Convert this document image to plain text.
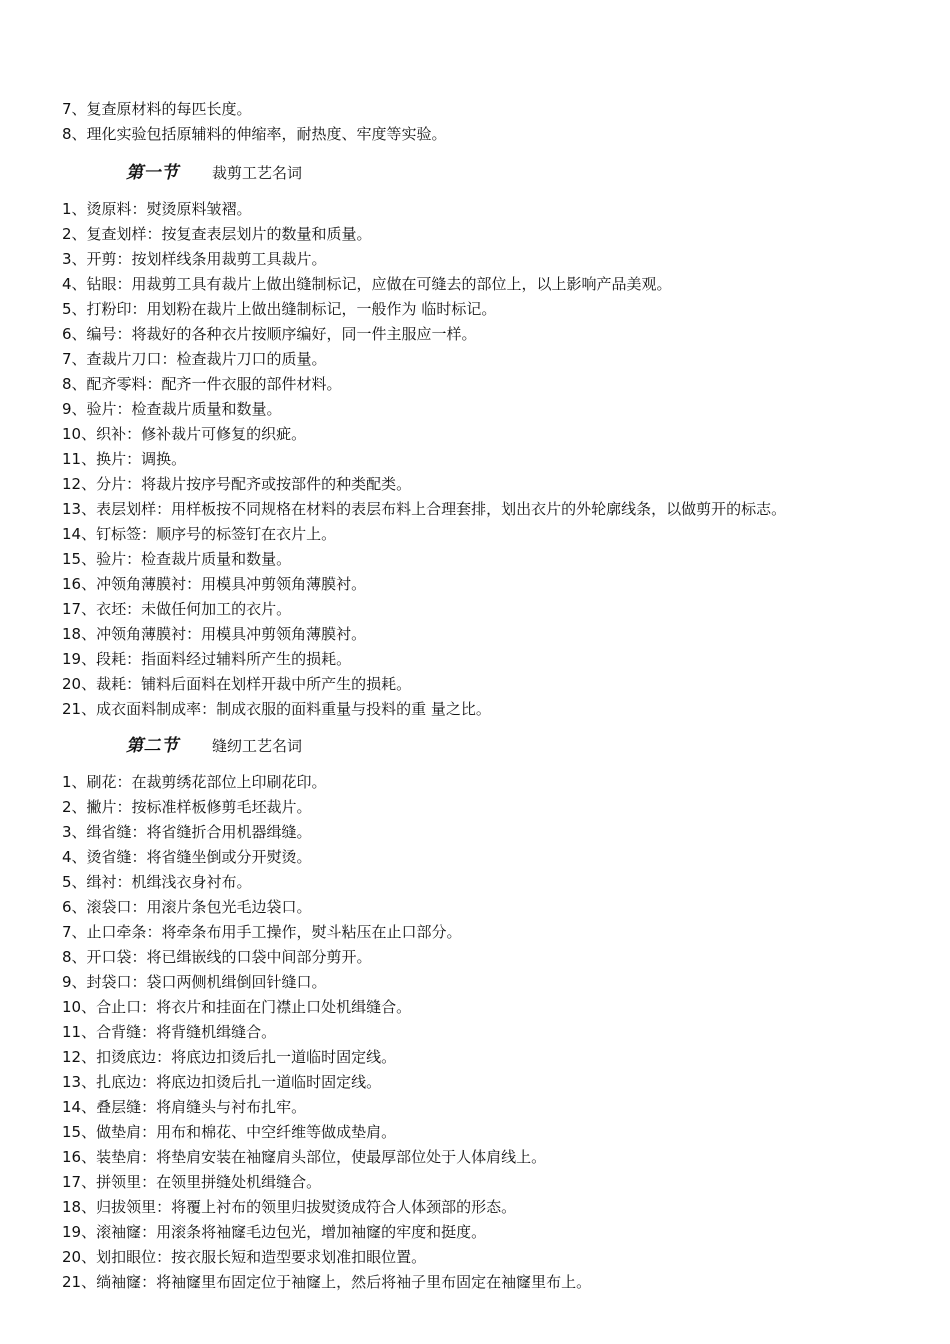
7、复查原材料的每匹长度。
8、理化实验包括原辅料的伸缩率，耐热度、牢度等实验。
第一节 裁剪工艺名词
1、烫原料：熨烫原料皱褶。
2、复查划样：按复查表层划片的数量和质量。
3、开剪：按划样线条用裁剪工具裁片。
4、钻眼：用裁剪工具有裁片上做出缝制标记，应做在可缝去的部位上，以上影响产品美观。
5、打粉印：用划粉在裁片上做出缝制标记，一般作为 临时标记。
6、编号：将裁好的各种衣片按顺序编好，同一件主服应一样。
7、查裁片刀口：检查裁片刀口的质量。
8、配齐零料：配齐一件衣服的部件材料。
9、验片：检查裁片质量和数量。
10、织补：修补裁片可修复的织疵。
11、换片：调换。
12、分片：将裁片按序号配齐或按部件的种类配类。
13、表层划样：用样板按不同规格在材料的表层布料上合理套排，划出衣片的外轮廓线条，以做剪开的标志。
14、钉标签：顺序号的标签钉在衣片上。
15、验片：检查裁片质量和数量。
16、冲领角薄膜衬：用模具冲剪领角薄膜衬。
17、衣坯：未做任何加工的衣片。
18、冲领角薄膜衬：用模具冲剪领角薄膜衬。
19、段耗：指面料经过辅料所产生的损耗。
20、裁耗：铺料后面料在划样开裁中所产生的损耗。
21、成衣面料制成率：制成衣服的面料重量与投料的重 量之比。
第二节 缝纫工艺名词
1、刷花：在裁剪绣花部位上印刷花印。
2、撇片：按标准样板修剪毛坯裁片。
3、缉省缝：将省缝折合用机器缉缝。
4、烫省缝：将省缝坐倒或分开熨烫。
5、缉衬：机缉浅衣身衬布。
6、滚袋口：用滚片条包光毛边袋口。
7、止口牵条：将牵条布用手工操作，熨斗粘压在止口部分。
8、开口袋：将已缉嵌线的口袋中间部分剪开。
9、封袋口：袋口两侧机缉倒回针缝口。
10、合止口：将衣片和挂面在门襟止口处机缉缝合。
11、合背缝：将背缝机缉缝合。
12、扣烫底边：将底边扣烫后扎一道临时固定线。
13、扎底边：将底边扣烫后扎一道临时固定线。
14、叠层缝：将肩缝头与衬布扎牢。
15、做垫肩：用布和棉花、中空纤维等做成垫肩。
16、装垫肩：将垫肩安装在袖窿肩头部位，使最厚部位处于人体肩线上。
17、拼领里：在领里拼缝处机缉缝合。
18、归拔领里：将覆上衬布的领里归拔熨烫成符合人体颈部的形态。
19、滚袖窿：用滚条将袖窿毛边包光，增加袖窿的牢度和挺度。
20、划扣眼位：按衣服长短和造型要求划准扣眼位置。
21、绱袖窿：将袖窿里布固定位于袖窿上，然后将袖子里布固定在袖窿里布上。
